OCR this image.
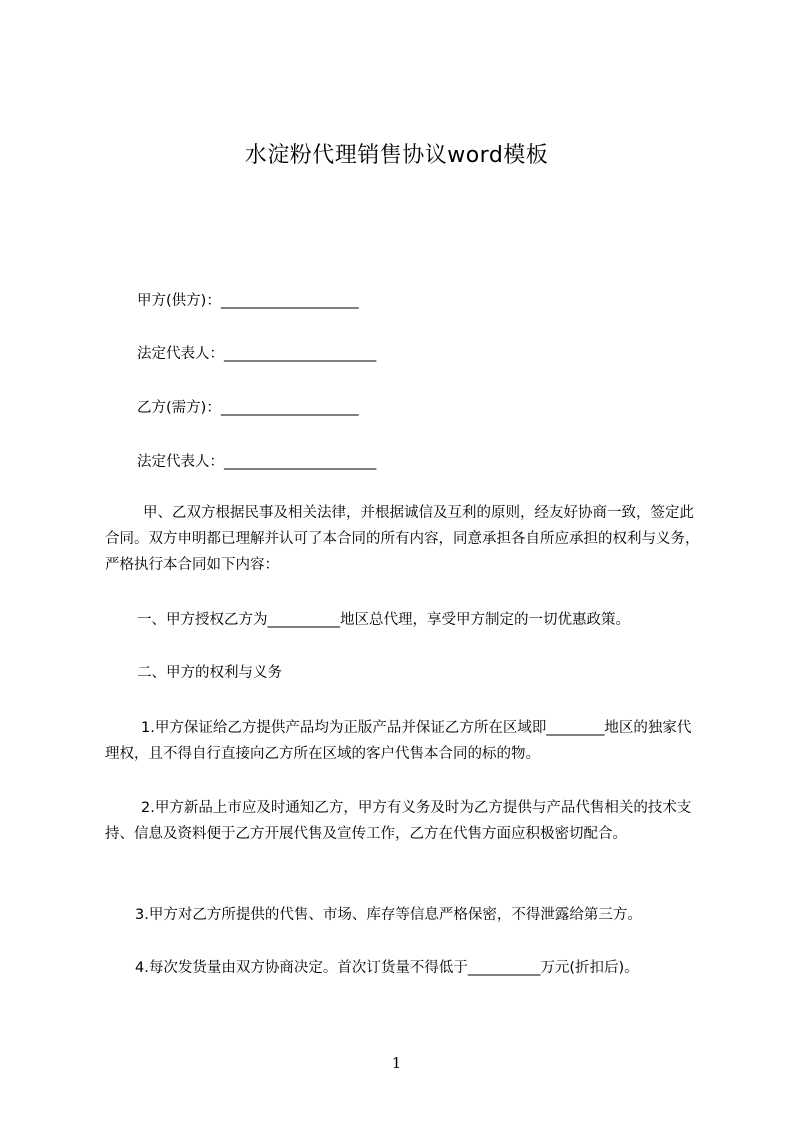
水淀粉代理销售协议word模板
甲方(供方)：___________________
法定代表人：_____________________
乙方(需方)：___________________
法定代表人：_____________________
甲、乙双方根据民事及相关法律，并根据诚信及互利的原则，经友好协商一致，签定此合同。双方申明都已理解并认可了本合同的所有内容，同意承担各自所应承担的权利与义务，严格执行本合同如下内容：
一、甲方授权乙方为__________地区总代理，享受甲方制定的一切优惠政策。
二、甲方的权利与义务
1.甲方保证给乙方提供产品均为正版产品并保证乙方所在区域即________地区的独家代理权，且不得自行直接向乙方所在区域的客户代售本合同的标的物。
2.甲方新品上市应及时通知乙方，甲方有义务及时为乙方提供与产品代售相关的技术支持、信息及资料便于乙方开展代售及宣传工作，乙方在代售方面应积极密切配合。
3.甲方对乙方所提供的代售、市场、库存等信息严格保密，不得泄露给第三方。
4.每次发货量由双方协商决定。首次订货量不得低于__________万元(折扣后)。
1
